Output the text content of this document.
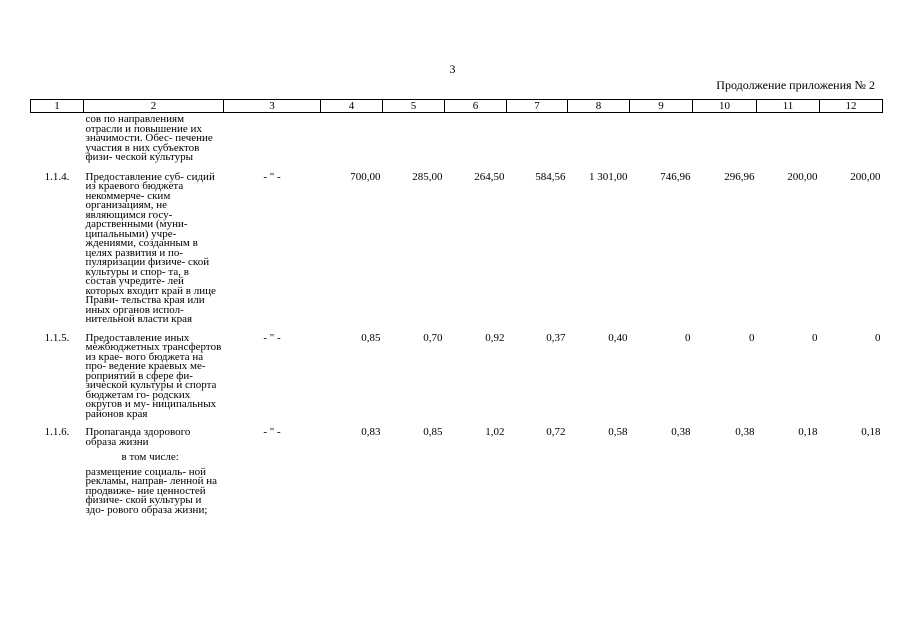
3
Продолжение приложения № 2
1	2	3	4	5	6	7	8	9	10	11	12

	сов по направлениям отрасли и повышение их значимости. Обес- печение участия в них субъектов физи- ческой культуры										

1.1.4.	Предоставление суб- сидий из краевого бюджета некоммерче- ским организациям, не являющимся госу- дарственными (муни- ципальными) учре- ждениями, созданным в целях развития и по- пуляризации физиче- ской культуры и спор- та, в состав учредите- лей которых входит край в лице Прави- тельства края или иных органов испол- нительной власти края	- " -	700,00	285,00	264,50	584,56	1 301,00	746,96	296,96	200,00	200,00
1.1.5.	Предоставление иных межбюджетных трансфертов из крае- вого бюджета на про- ведение краевых ме- роприятий в сфере фи- зической культуры и спорта бюджетам го- родских округов и му- ниципальных районов края	- " -	0,85	0,70	0,92	0,37	0,40	0	0	0	0
1.1.6.	Пропаганда здорового образа жизни	- " -	0,83	0,85	1,02	0,72	0,58	0,38	0,38	0,18	0,18
	в том числе:										

	размещение социаль- ной рекламы, направ- ленной на продвиже- ние ценностей физиче- ской культуры и здо- рового образа жизни;										
